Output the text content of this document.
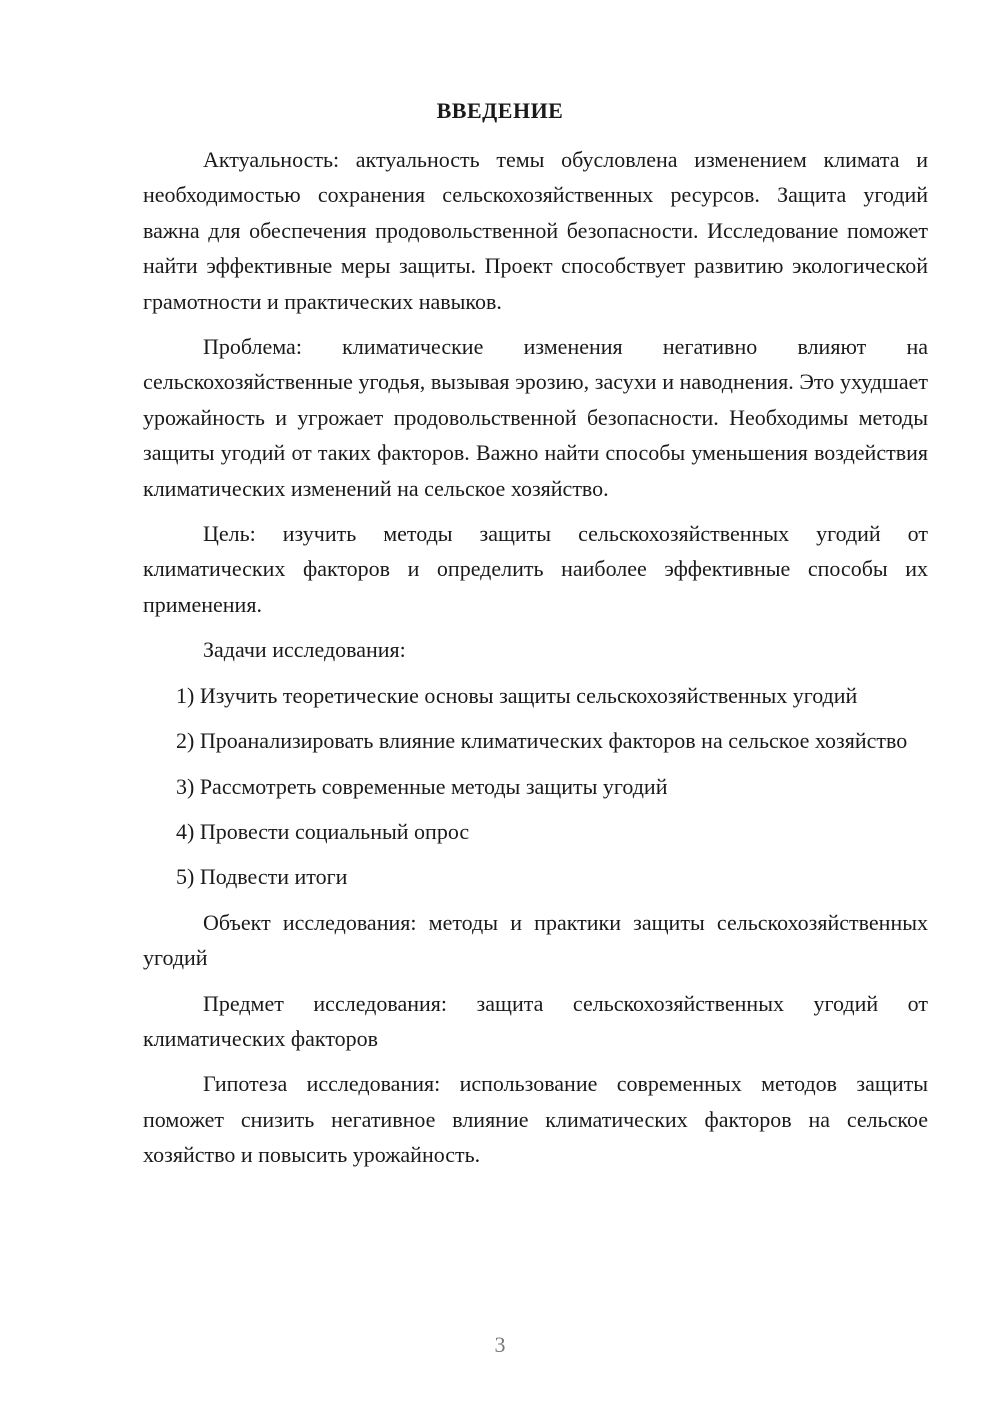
ВВЕДЕНИЕ

Актуальность: актуальность темы обусловлена изменением климата и необходимостью сохранения сельскохозяйственных ресурсов. Защита угодий важна для обеспечения продовольственной безопасности. Исследование поможет найти эффективные меры защиты. Проект способствует развитию экологической грамотности и практических навыков.

Проблема: климатические изменения негативно влияют на сельскохозяйственные угодья, вызывая эрозию, засухи и наводнения. Это ухудшает урожайность и угрожает продовольственной безопасности. Необходимы методы защиты угодий от таких факторов. Важно найти способы уменьшения воздействия климатических изменений на сельское хозяйство.

Цель: изучить методы защиты сельскохозяйственных угодий от климатических факторов и определить наиболее эффективные способы их применения.

Задачи исследования:

1) Изучить теоретические основы защиты сельскохозяйственных угодий

2) Проанализировать влияние климатических факторов на сельское хозяйство

3) Рассмотреть современные методы защиты угодий

4) Провести социальный опрос

5) Подвести итоги

Объект исследования: методы и практики защиты сельскохозяйственных угодий

Предмет исследования: защита сельскохозяйственных угодий от климатических факторов

Гипотеза исследования: использование современных методов защиты поможет снизить негативное влияние климатических факторов на сельское хозяйство и повысить урожайность.

3
